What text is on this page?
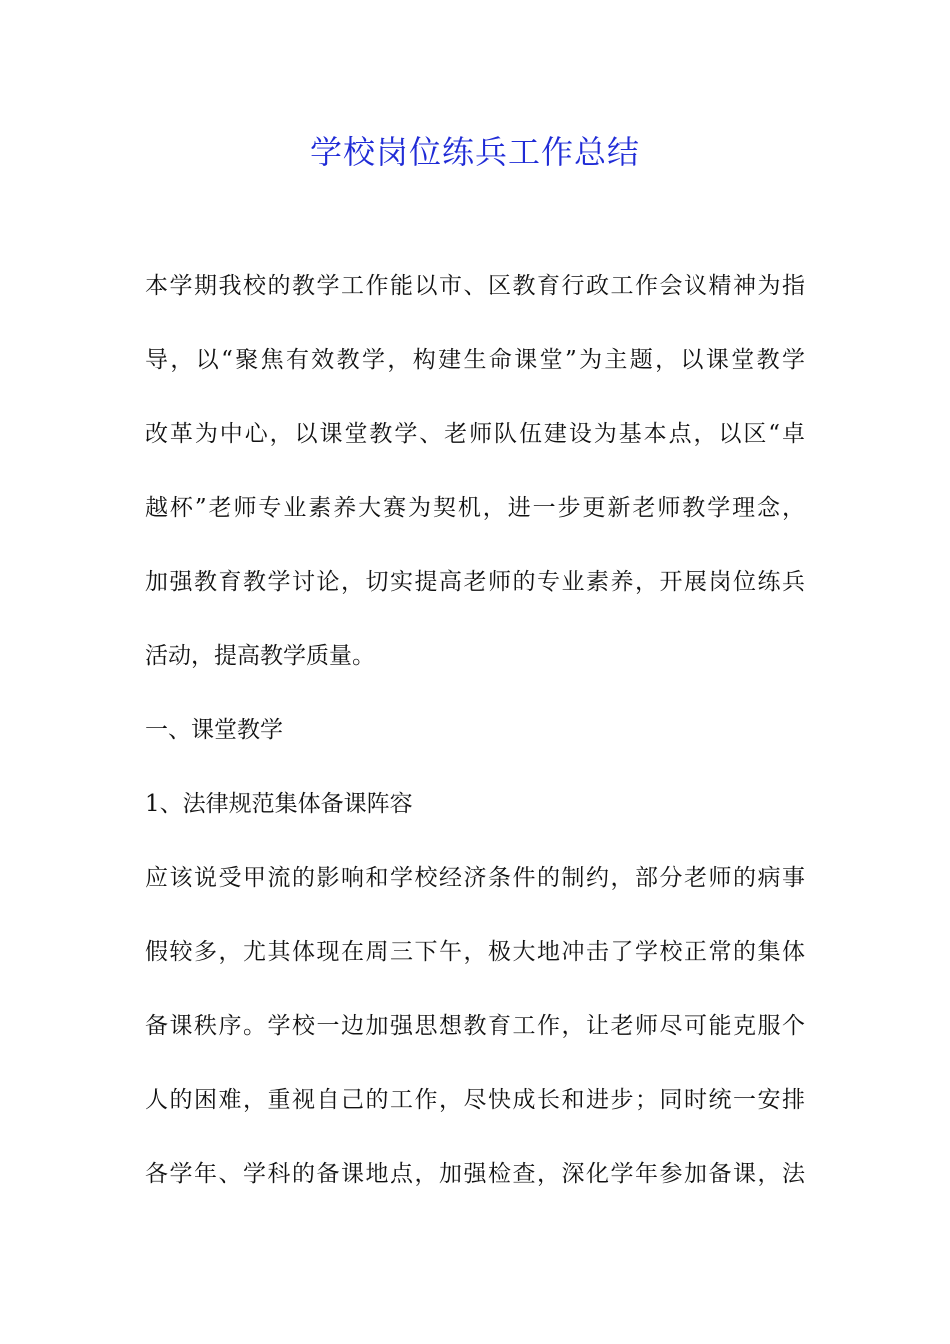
学校岗位练兵工作总结

本学期我校的教学工作能以市、区教育行政工作会议精神为指

导，以“聚焦有效教学，构建生命课堂”为主题，以课堂教学

改革为中心，以课堂教学、老师队伍建设为基本点，以区“卓

越杯”老师专业素养大赛为契机，进一步更新老师教学理念，

加强教育教学讨论，切实提高老师的专业素养，开展岗位练兵

活动，提高教学质量。

一、课堂教学

1、法律规范集体备课阵容

应该说受甲流的影响和学校经济条件的制约，部分老师的病事

假较多，尤其体现在周三下午，极大地冲击了学校正常的集体

备课秩序。学校一边加强思想教育工作，让老师尽可能克服个

人的困难，重视自己的工作，尽快成长和进步；同时统一安排

各学年、学科的备课地点，加强检查，深化学年参加备课，法
